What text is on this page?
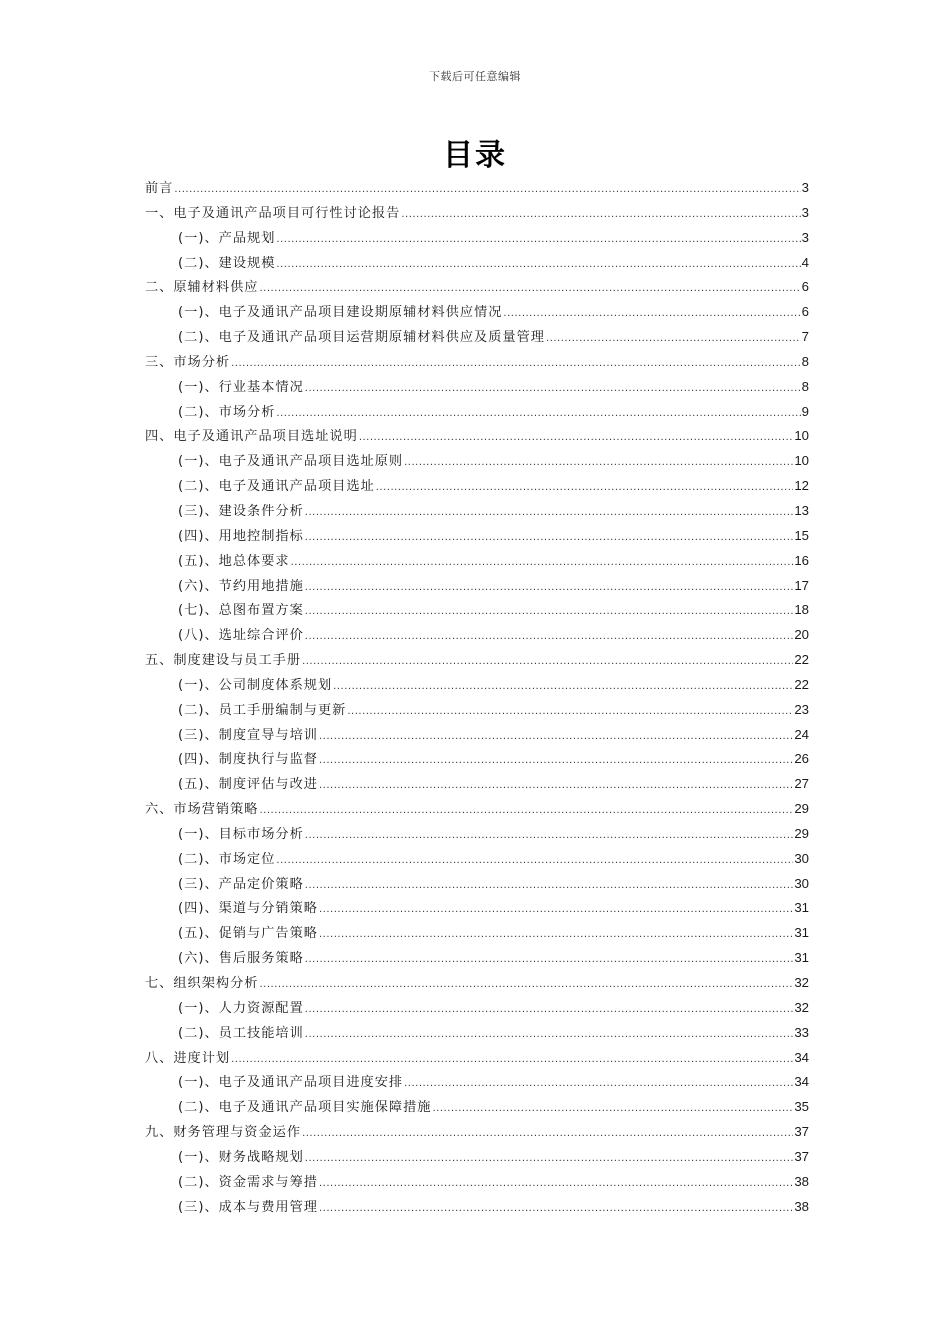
下载后可任意编辑
目录
前言 .....	3
一、电子及通讯产品项目可行性讨论报告 .....	3
(一)、产品规划 .....	3
(二)、建设规模 .....	4
二、原辅材料供应 .....	6
(一)、电子及通讯产品项目建设期原辅材料供应情况 .....	6
(二)、电子及通讯产品项目运营期原辅材料供应及质量管理 .....	7
三、市场分析 .....	8
(一)、行业基本情况 .....	8
(二)、市场分析 .....	9
四、电子及通讯产品项目选址说明 .....	10
(一)、电子及通讯产品项目选址原则 .....	10
(二)、电子及通讯产品项目选址 .....	12
(三)、建设条件分析 .....	13
(四)、用地控制指标 .....	15
(五)、地总体要求 .....	16
(六)、节约用地措施 .....	17
(七)、总图布置方案 .....	18
(八)、选址综合评价 .....	20
五、制度建设与员工手册 .....	22
(一)、公司制度体系规划 .....	22
(二)、员工手册编制与更新 .....	23
(三)、制度宣导与培训 .....	24
(四)、制度执行与监督 .....	26
(五)、制度评估与改进 .....	27
六、市场营销策略 .....	29
(一)、目标市场分析 .....	29
(二)、市场定位 .....	30
(三)、产品定价策略 .....	30
(四)、渠道与分销策略 .....	31
(五)、促销与广告策略 .....	31
(六)、售后服务策略 .....	31
七、组织架构分析 .....	32
(一)、人力资源配置 .....	32
(二)、员工技能培训 .....	33
八、进度计划 .....	34
(一)、电子及通讯产品项目进度安排 .....	34
(二)、电子及通讯产品项目实施保障措施 .....	35
九、财务管理与资金运作 .....	37
(一)、财务战略规划 .....	37
(二)、资金需求与筹措 .....	38
(三)、成本与费用管理 .....	38
